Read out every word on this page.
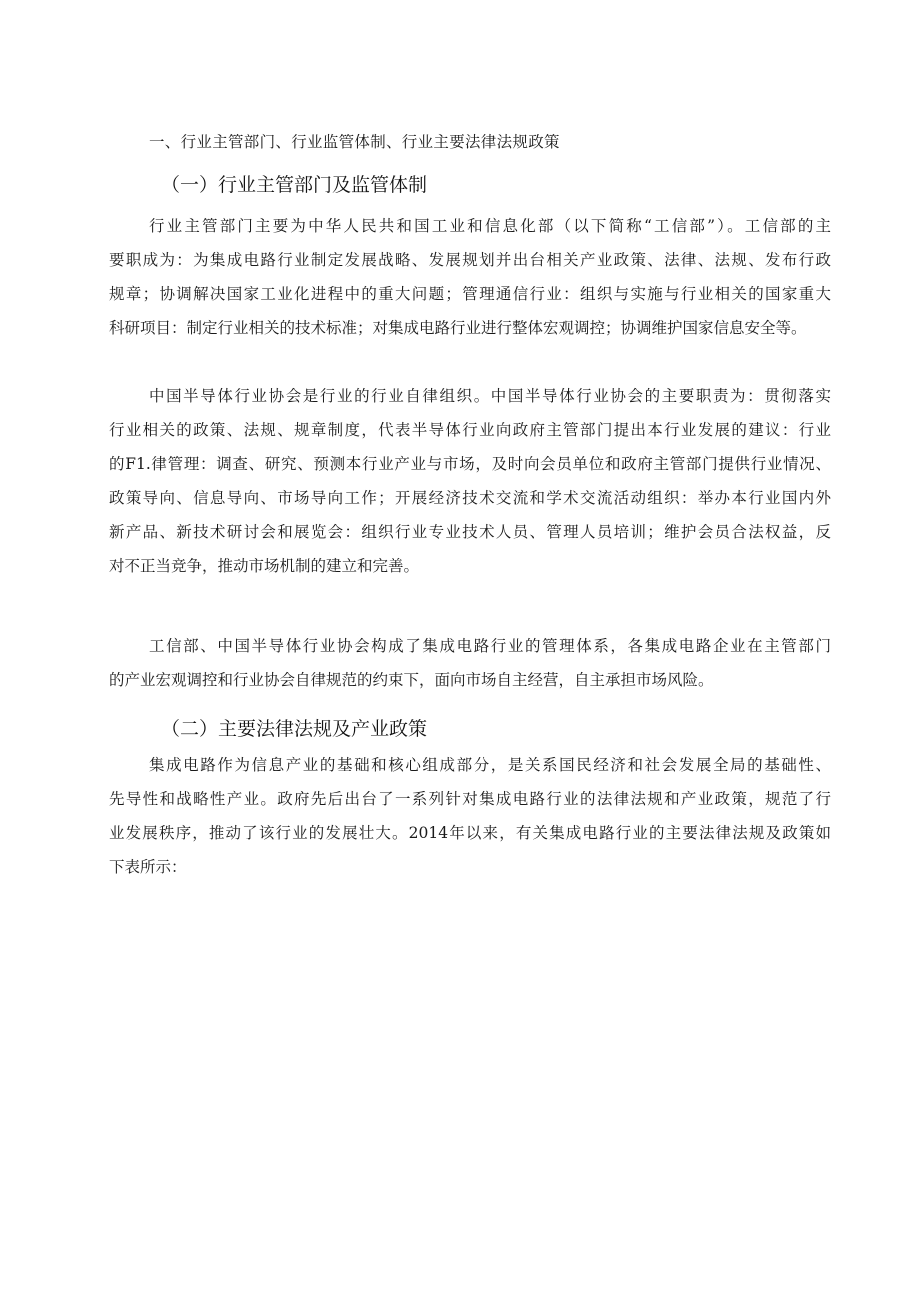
一、行业主管部门、行业监管体制、行业主要法律法规政策

（一）行业主管部门及监管体制
行业主管部门主要为中华人民共和国工业和信息化部（以下简称“工信部”）。工信部的主
要职成为：为集成电路行业制定发展战略、发展规划并出台相关产业政策、法律、法规、发布行政
规章；协调解决国家工业化进程中的重大问题；管理通信行业：组织与实施与行业相关的国家重大
科研项目：制定行业相关的技术标准；对集成电路行业进行整体宏观调控；协调维护国家信息安全等。
中国半导体行业协会是行业的行业自律组织。中国半导体行业协会的主要职责为：贯彻落实
行业相关的政策、法规、规章制度，代表半导体行业向政府主管部门提出本行业发展的建议：行业
的F1.律管理：调查、研究、预测本行业产业与市场，及时向会员单位和政府主管部门提供行业情况、
政策导向、信息导向、市场导向工作；开展经济技术交流和学术交流活动组织：举办本行业国内外
新产品、新技术研讨会和展览会：组织行业专业技术人员、管理人员培训；维护会员合法权益，反
对不正当竞争，推动市场机制的建立和完善。
工信部、中国半导体行业协会构成了集成电路行业的管理体系，各集成电路企业在主管部门
的产业宏观调控和行业协会自律规范的约束下，面向市场自主经营，自主承担市场风险。
（二）主要法律法规及产业政策
集成电路作为信息产业的基础和核心组成部分，是关系国民经济和社会发展全局的基础性、
先导性和战略性产业。政府先后出台了一系列针对集成电路行业的法律法规和产业政策，规范了行
业发展秩序，推动了该行业的发展壮大。2014年以来，有关集成电路行业的主要法律法规及政策如
下表所示：
